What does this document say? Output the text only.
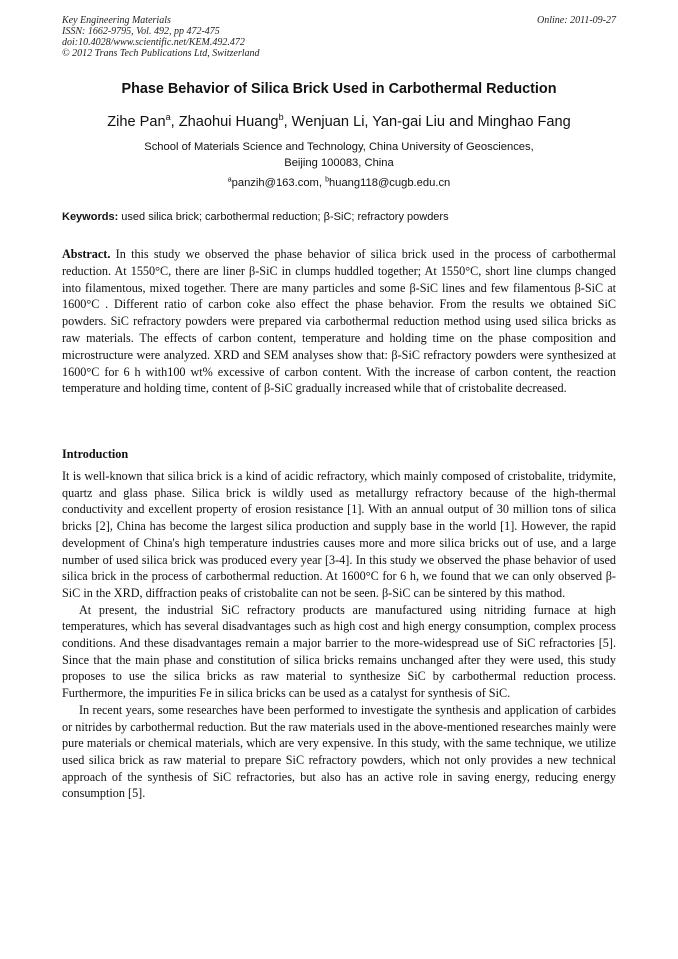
Key Engineering Materials
ISSN: 1662-9795, Vol. 492, pp 472-475
doi:10.4028/www.scientific.net/KEM.492.472
© 2012 Trans Tech Publications Ltd, Switzerland
Online: 2011-09-27
Phase Behavior of Silica Brick Used in Carbothermal Reduction
Zihe Pan$^a$, Zhaohui Huang$^b$, Wenjuan Li, Yan-gai Liu and Minghao Fang
School of Materials Science and Technology, China University of Geosciences,
Beijing 100083, China
$^a$panzih@163.com, $^b$huang118@cugb.edu.cn
Keywords: used silica brick; carbothermal reduction; β-SiC; refractory powders
Abstract. In this study we observed the phase behavior of silica brick used in the process of carbothermal reduction. At 1550°C, there are liner β-SiC in clumps huddled together; At 1550°C, short line clumps changed into filamentous, mixed together. There are many particles and some β-SiC lines and few filamentous β-SiC at 1600°C . Different ratio of carbon coke also effect the phase behavior. From the results we obtained SiC powders. SiC refractory powders were prepared via carbothermal reduction method using used silica bricks as raw materials. The effects of carbon content, temperature and holding time on the phase composition and microstructure were analyzed. XRD and SEM analyses show that: β-SiC refractory powders were synthesized at 1600°C for 6 h with100 wt% excessive of carbon content. With the increase of carbon content, the reaction temperature and holding time, content of β-SiC gradually increased while that of cristobalite decreased.
Introduction

It is well-known that silica brick is a kind of acidic refractory, which mainly composed of cristobalite, tridymite, quartz and glass phase. Silica brick is wildly used as metallurgy refractory because of the high-thermal conductivity and excellent property of erosion resistance [1]. With an annual output of 30 million tons of silica bricks [2], China has become the largest silica production and supply base in the world [1]. However, the rapid development of China's high temperature industries causes more and more silica bricks out of use, and a large number of used silica brick was produced every year [3-4]. In this study we observed the phase behavior of used silica brick in the process of carbothermal reduction. At 1600°C for 6 h, we found that we can only observed β-SiC in the XRD, diffraction peaks of cristobalite can not be seen. β-SiC can be sintered by this mathod.

At present, the industrial SiC refractory products are manufactured using nitriding furnace at high temperatures, which has several disadvantages such as high cost and high energy consumption, complex process conditions. And these disadvantages remain a major barrier to the more-widespread use of SiC refractories [5]. Since that the main phase and constitution of silica bricks remains unchanged after they were used, this study proposes to use the silica bricks as raw material to synthesize SiC by carbothermal reduction process. Furthermore, the impurities Fe in silica bricks can be used as a catalyst for synthesis of SiC.

In recent years, some researches have been performed to investigate the synthesis and application of carbides or nitrides by carbothermal reduction. But the raw materials used in the above-mentioned researches mainly were pure materials or chemical materials, which are very expensive. In this study, with the same technique, we utilize used silica brick as raw material to prepare SiC refractory powders, which not only provides a new technical approach of the synthesis of SiC refractories, but also has an active role in saving energy, reducing energy consumption [5].
